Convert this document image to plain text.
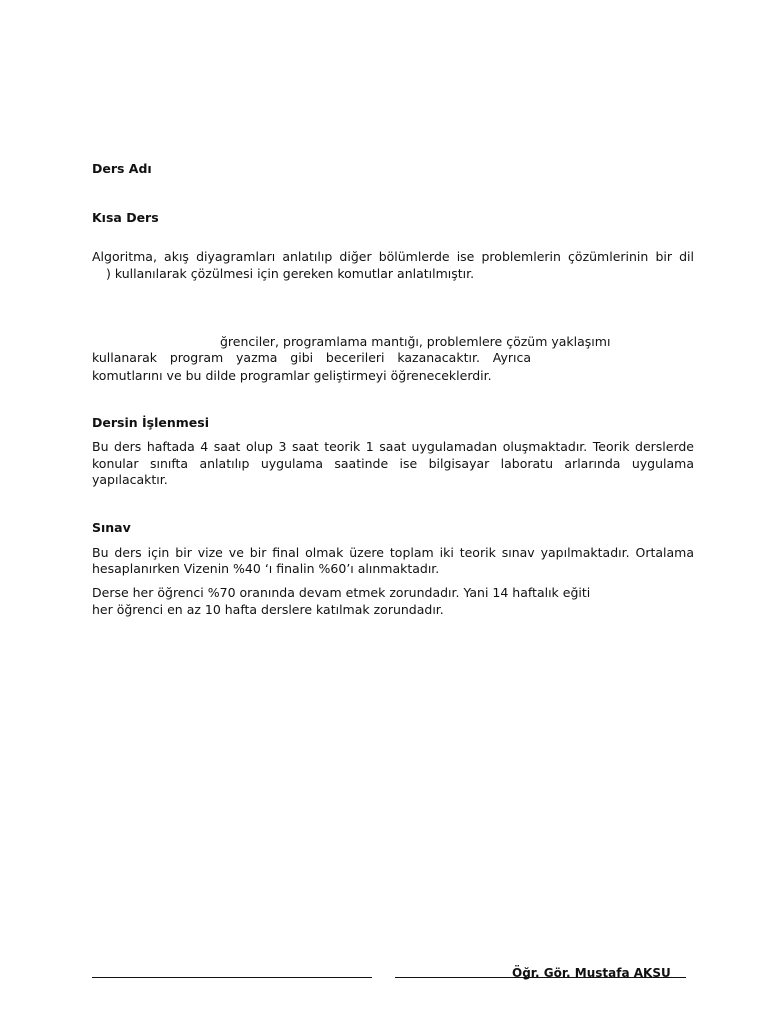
Ders Adı
Kısa Ders
Algoritma, akış diyagramları anlatılıp diğer bölümlerde ise problemlerin çözümlerinin bir dil
) kullanılarak çözülmesi için gereken komutlar anlatılmıştır.
ğrenciler, programlama mantığı, problemlere çözüm yaklaşımı
kullanarak program yazma gibi becerileri kazanacaktır. Ayrıca
komutlarını ve bu dilde programlar geliştirmeyi öğreneceklerdir.
Dersin İşlenmesi
Bu ders haftada 4 saat olup 3 saat teorik 1 saat uygulamadan oluşmaktadır. Teorik derslerde
konular sınıfta anlatılıp uygulama saatinde ise bilgisayar laboratu arlarında uygulama
yapılacaktır.
Sınav
Bu ders için bir vize ve bir final olmak üzere toplam iki teorik sınav yapılmaktadır. Ortalama
hesaplanırken Vizenin %40 ‘ı finalin %60’ı alınmaktadır.
Derse her öğrenci %70 oranında devam etmek zorundadır. Yani 14 haftalık eğiti
her öğrenci en az 10 hafta derslere katılmak zorundadır.
Öğr. Gör. Mustafa AKSU
